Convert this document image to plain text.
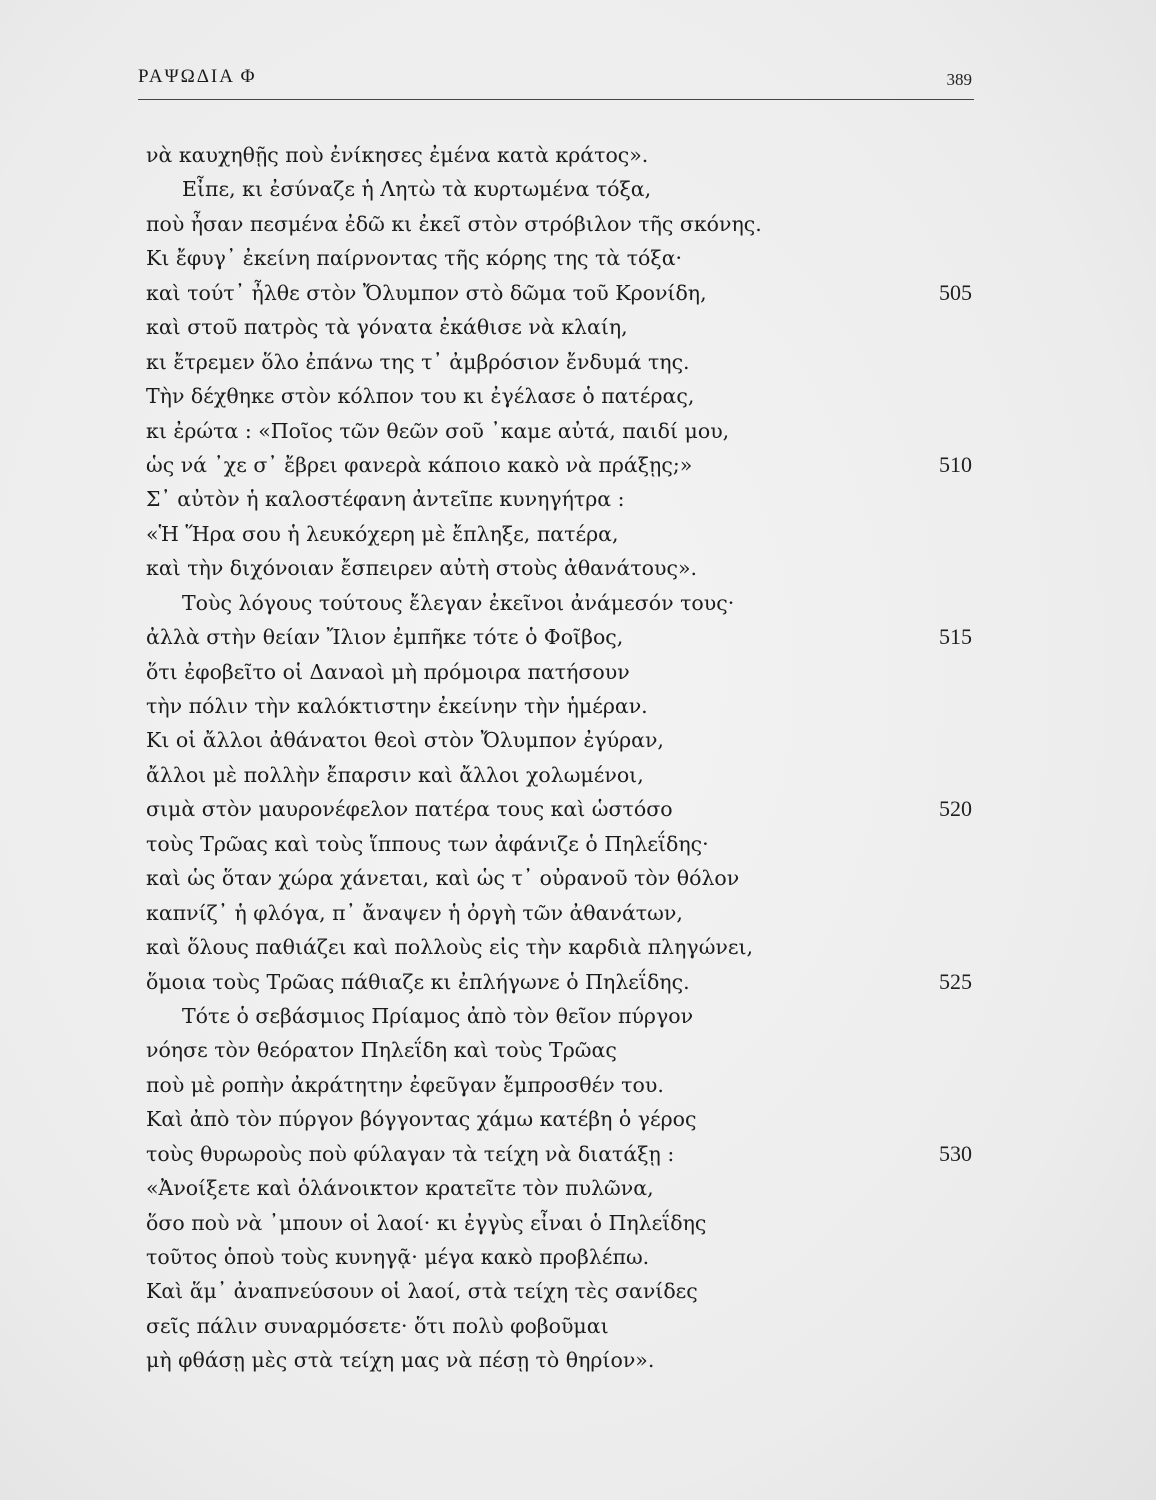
ΡΑΨΩΔΙΑ Φ	389
νὰ καυχηθῇς ποὺ ἐνίκησες ἐμένα κατὰ κράτος».
Εἶπε, κι ἐσύναζε ἡ Λητὼ τὰ κυρτωμένα τόξα,
ποὺ ἦσαν πεσμένα ἐδῶ κι ἐκεῖ στὸν στρόβιλον τῆς σκόνης.
Κι ἔφυγ᾿ ἐκείνη παίρνοντας τῆς κόρης της τὰ τόξα·
καὶ τούτ᾿ ἦλθε στὸν Ὄλυμπον στὸ δῶμα τοῦ Κρονίδη,	505
καὶ στοῦ πατρὸς τὰ γόνατα ἐκάθισε νὰ κλαίη,
κι ἔτρεμεν ὅλο ἐπάνω της τ᾿ ἀμβρόσιον ἔνδυμά της.
Τὴν δέχθηκε στὸν κόλπον του κι ἐγέλασε ὁ πατέρας,
κι ἐρώτα : «Ποῖος τῶν θεῶν σοῦ ᾿καμε αὐτά, παιδί μου,
ὡς νά ᾿χε σ᾿ ἔβρει φανερὰ κάποιο κακὸ νὰ πράξῃς;»	510
Σ᾿ αὐτὸν ἡ καλοστέφανη ἀντεῖπε κυνηγήτρα :
«Ἡ Ἥρα σου ἡ λευκόχερη μὲ ἔπληξε, πατέρα,
καὶ τὴν διχόνοιαν ἔσπειρεν αὐτὴ στοὺς ἀθανάτους».
Τοὺς λόγους τούτους ἔλεγαν ἐκεῖνοι ἀνάμεσόν τους·
ἀλλὰ στὴν θείαν Ἴλιον ἐμπῆκε τότε ὁ Φοῖβος,	515
ὅτι ἐφοβεῖτο οἱ Δαναοὶ μὴ πρόμοιρα πατήσουν
τὴν πόλιν τὴν καλόκτιστην ἐκείνην τὴν ἡμέραν.
Κι οἱ ἄλλοι ἀθάνατοι θεοὶ στὸν Ὄλυμπον ἐγύραν,
ἄλλοι μὲ πολλὴν ἔπαρσιν καὶ ἄλλοι χολωμένοι,
σιμὰ στὸν μαυρονέφελον πατέρα τους καὶ ὡστόσο	520
τοὺς Τρῶας καὶ τοὺς ἵππους των ἀφάνιζε ὁ Πηλεΐδης·
καὶ ὡς ὅταν χώρα χάνεται, καὶ ὡς τ᾿ οὐρανοῦ τὸν θόλον
καπνίζ᾿ ἡ φλόγα, π᾿ ἄναψεν ἡ ὀργὴ τῶν ἀθανάτων,
καὶ ὅλους παθιάζει καὶ πολλοὺς εἰς τὴν καρδιὰ πληγώνει,
ὅμοια τοὺς Τρῶας πάθιαζε κι ἐπλήγωνε ὁ Πηλεΐδης.	525
Τότε ὁ σεβάσμιος Πρίαμος ἀπὸ τὸν θεῖον πύργον
νόησε τὸν θεόρατον Πηλεΐδη καὶ τοὺς Τρῶας
ποὺ μὲ ροπὴν ἀκράτητην ἐφεῦγαν ἔμπροσθέν του.
Καὶ ἀπὸ τὸν πύργον βόγγοντας χάμω κατέβη ὁ γέρος
τοὺς θυρωροὺς ποὺ φύλαγαν τὰ τείχη νὰ διατάξῃ :	530
«Ἀνοίξετε καὶ ὁλάνοικτον κρατεῖτε τὸν πυλῶνα,
ὅσο ποὺ νὰ ᾿μπουν οἱ λαοί· κι ἐγγὺς εἶναι ὁ Πηλεΐδης
τοῦτος ὁποὺ τοὺς κυνηγᾷ· μέγα κακὸ προβλέπω.
Καὶ ἅμ᾿ ἀναπνεύσουν οἱ λαοί, στὰ τείχη τὲς σανίδες
σεῖς πάλιν συναρμόσετε· ὅτι πολὺ φοβοῦμαι
μὴ φθάσῃ μὲς στὰ τείχη μας νὰ πέσῃ τὸ θηρίον».
